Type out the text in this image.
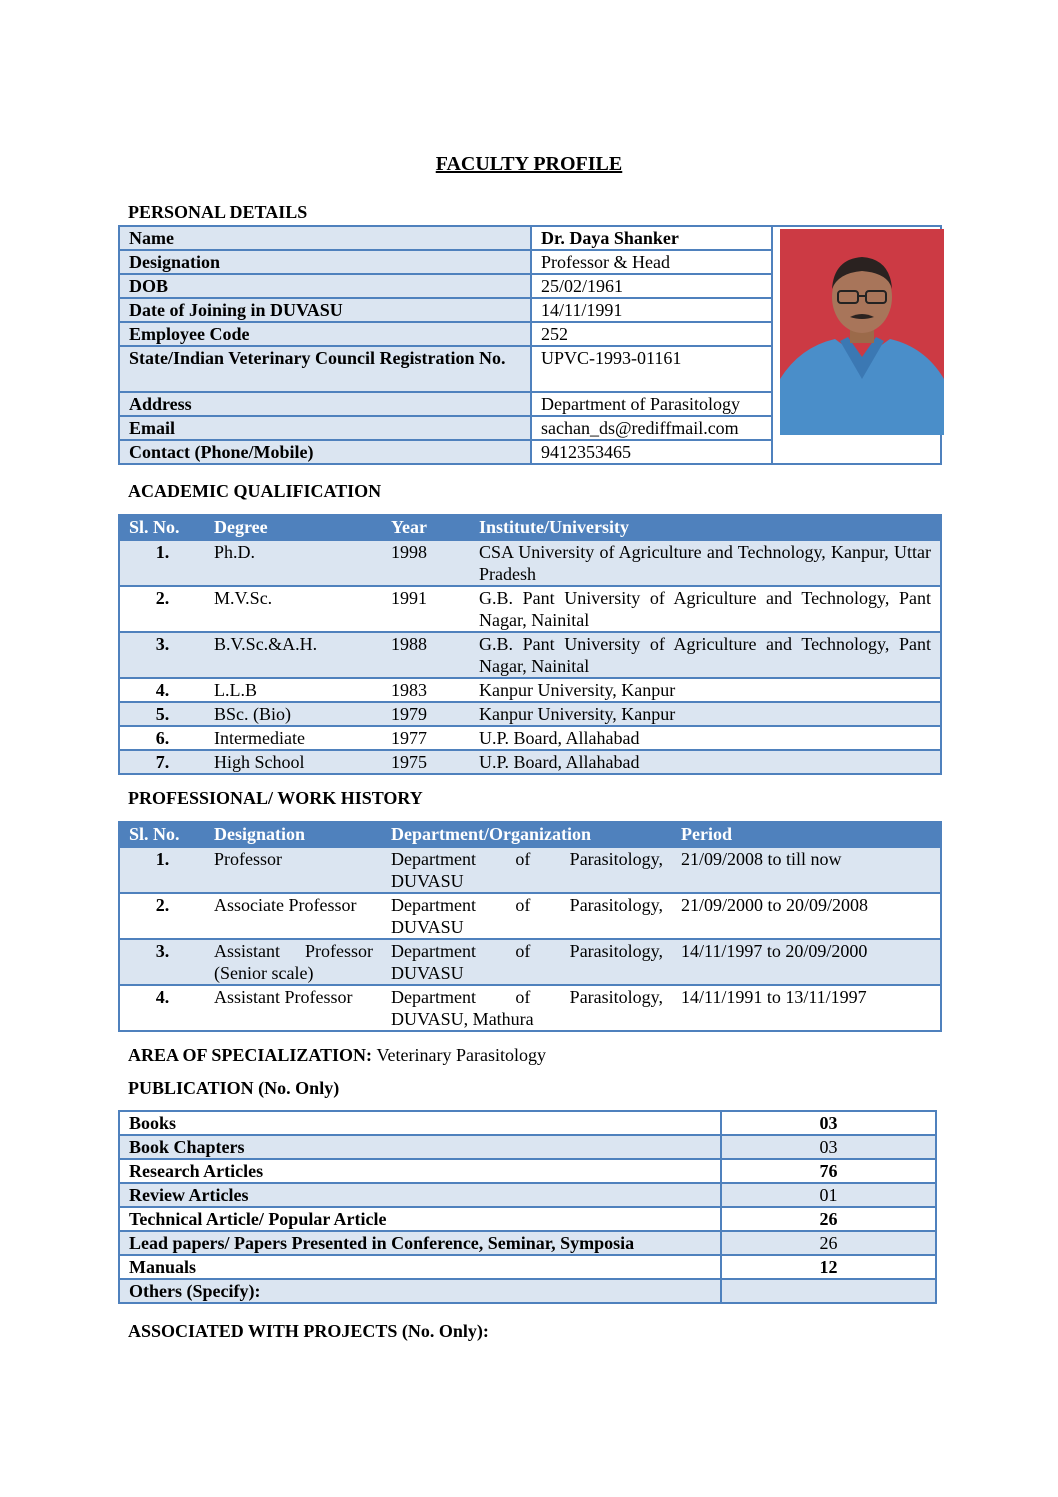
FACULTY PROFILE
PERSONAL DETAILS
Name	Dr. Daya Shanker	

Designation	Professor & Head	
DOB	25/02/1961	
Date of Joining in DUVASU	14/11/1991	
Employee Code	252	
State/Indian Veterinary Council Registration No.	UPVC-1993-01161	
Address	Department of Parasitology	
Email	sachan_ds@rediffmail.com	
Contact (Phone/Mobile)	9412353465	
ACADEMIC QUALIFICATION
Sl. No.	Degree	Year	Institute/University
1.	Ph.D.	1998	CSA University of Agriculture and Technology, Kanpur, Uttar Pradesh
2.	M.V.Sc.	1991	G.B. Pant University of Agriculture and Technology, Pant Nagar, Nainital
3.	B.V.Sc.&A.H.	1988	G.B. Pant University of Agriculture and Technology, Pant Nagar, Nainital
4.	L.L.B	1983	Kanpur University, Kanpur
5.	BSc. (Bio)	1979	Kanpur University, Kanpur
6.	Intermediate	1977	U.P. Board, Allahabad
7.	High School	1975	U.P. Board, Allahabad
PROFESSIONAL/ WORK HISTORY
Sl. No.	Designation	Department/Organization	Period
1.	Professor	Department of Parasitology, DUVASU	21/09/2008 to till now
2.	Associate Professor	Department of Parasitology, DUVASU	21/09/2000 to 20/09/2008
3.	Assistant Professor (Senior scale)	Department of Parasitology, DUVASU	14/11/1997 to 20/09/2000
4.	Assistant Professor	Department of Parasitology, DUVASU, Mathura	14/11/1991 to 13/11/1997
AREA OF SPECIALIZATION: Veterinary Parasitology
PUBLICATION (No. Only)
Books	03
Book Chapters	03
Research Articles	76
Review Articles	01
Technical Article/ Popular Article	26
Lead papers/ Papers Presented in Conference, Seminar, Symposia	26
Manuals	12
Others (Specify):	
ASSOCIATED WITH PROJECTS (No. Only):
